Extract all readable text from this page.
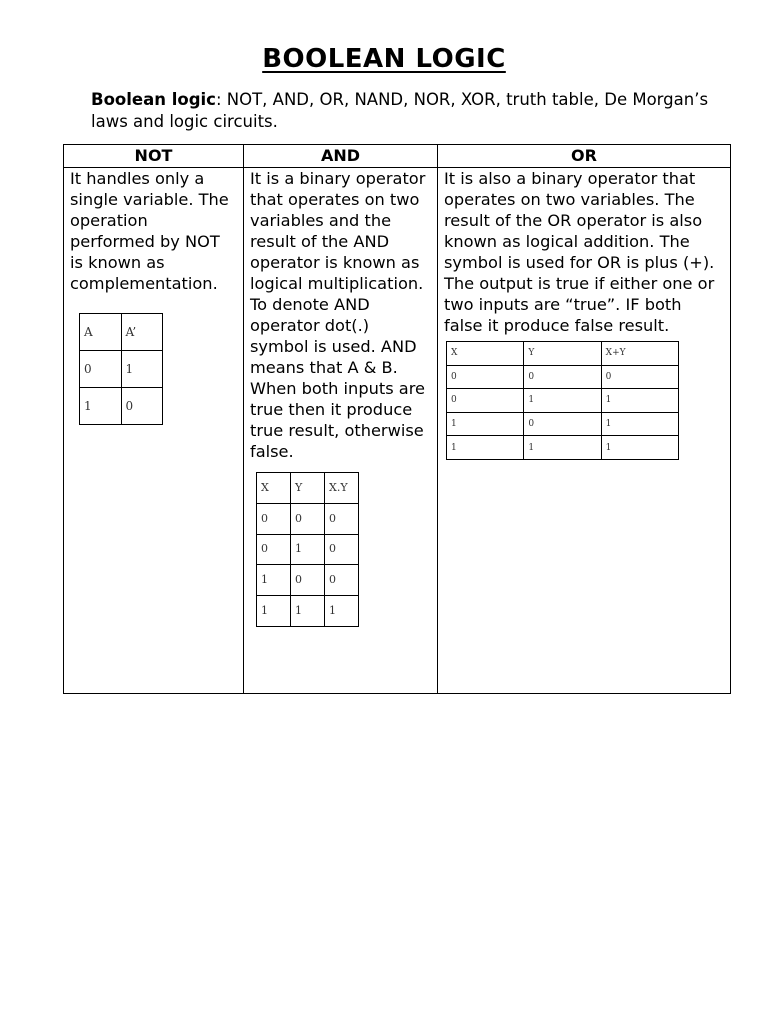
BOOLEAN LOGIC
Boolean logic: NOT, AND, OR, NAND, NOR, XOR, truth table, De Morgan’s laws and logic circuits.
NOT	AND	OR

It handles only a single variable. The operation performed by NOT is known as complementation.

A	A’
0	1
1	0

It is a binary operator that operates on two variables and the result of the AND operator is known as logical multiplication. To denote AND operator dot(.) symbol is used. AND means that A & B. When both inputs are true then it produce true result, otherwise false.

X	Y	X.Y
0	0	0
0	1	0
1	0	0
1	1	1

It is also a binary operator that operates on two variables. The result of the OR operator is also known as logical addition. The symbol is used for OR is plus (+).

The output is true if either one or two inputs are “true”. IF both false it produce false result.

X	Y	X+Y
0	0	0
0	1	1
1	0	1
1	1	1
